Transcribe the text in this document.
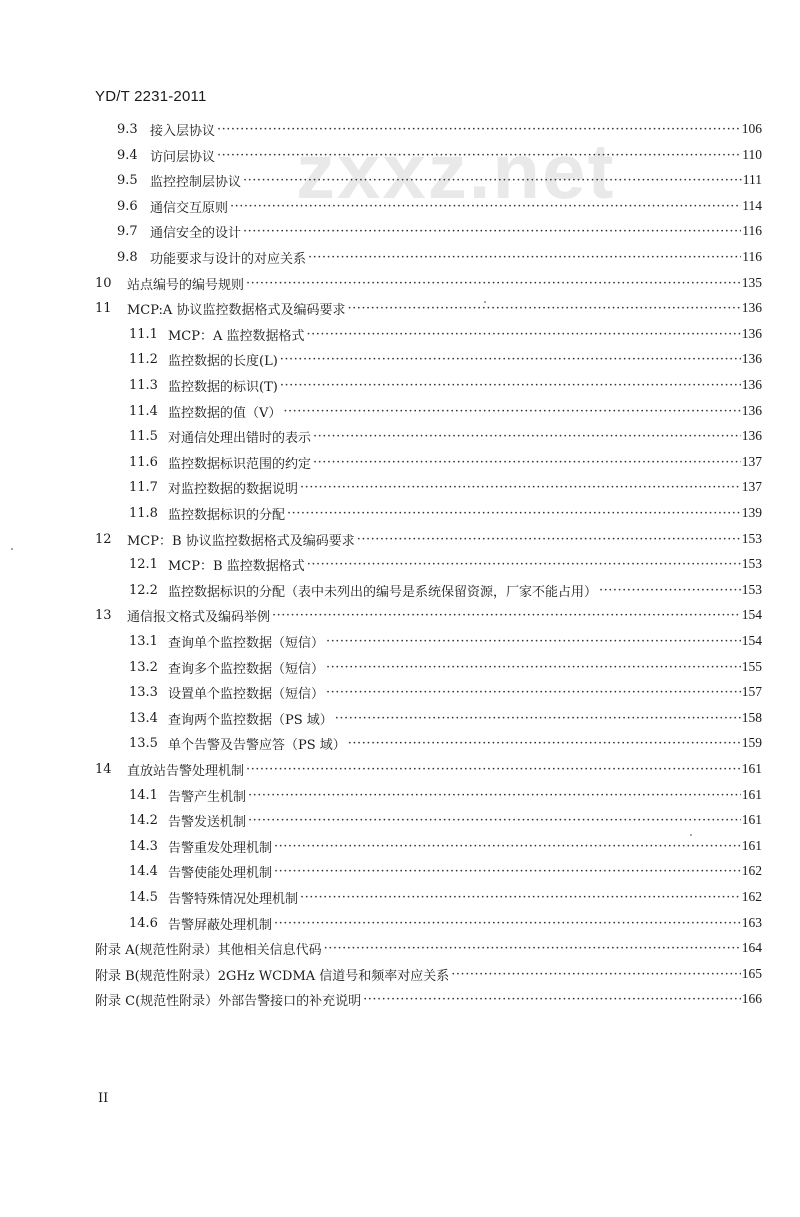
YD/T 2231-2011
zxxz.net
9.3 接入层协议 ·····	106
9.4 访问层协议 ·····	110
9.5 监控控制层协议 ·····	111
9.6 通信交互原则 ·····	114
9.7 通信安全的设计 ·····	116
9.8 功能要求与设计的对应关系 ·····	116
10	站点编号的编号规则 ·····	135
11	MCP:A 协议监控数据格式及编码要求 ·····	136
11.1 MCP：A 监控数据格式 ·····	136
11.2 监控数据的长度(L) ·····	136
11.3 监控数据的标识(T) ·····	136
11.4 监控数据的值（V） ·····	136
11.5 对通信处理出错时的表示 ·····	136
11.6 监控数据标识范围的约定 ·····	137
11.7 对监控数据的数据说明 ·····	137
11.8 监控数据标识的分配 ·····	139
12	MCP：B 协议监控数据格式及编码要求 ·····	153
12.1 MCP：B 监控数据格式 ·····	153
12.2 监控数据标识的分配（表中未列出的编号是系统保留资源，厂家不能占用） ·····	153
13	通信报文格式及编码举例 ·····	154
13.1 查询单个监控数据（短信） ·····	154
13.2 查询多个监控数据（短信） ·····	155
13.3 设置单个监控数据（短信） ·····	157
13.4 查询两个监控数据（PS 域） ·····	158
13.5 单个告警及告警应答（PS 域） ·····	159
14	直放站告警处理机制 ·····	161
14.1 告警产生机制 ·····	161
14.2 告警发送机制 ·····	161
14.3 告警重发处理机制 ·····	161
14.4 告警使能处理机制 ·····	162
14.5 告警特殊情况处理机制 ·····	162
14.6 告警屏蔽处理机制 ·····	163
附录 A(规范性附录）其他相关信息代码 ·····	164
附录 B(规范性附录）2GHz WCDMA 信道号和频率对应关系 ·····	165
附录 C(规范性附录）外部告警接口的补充说明 ·····	166
II
